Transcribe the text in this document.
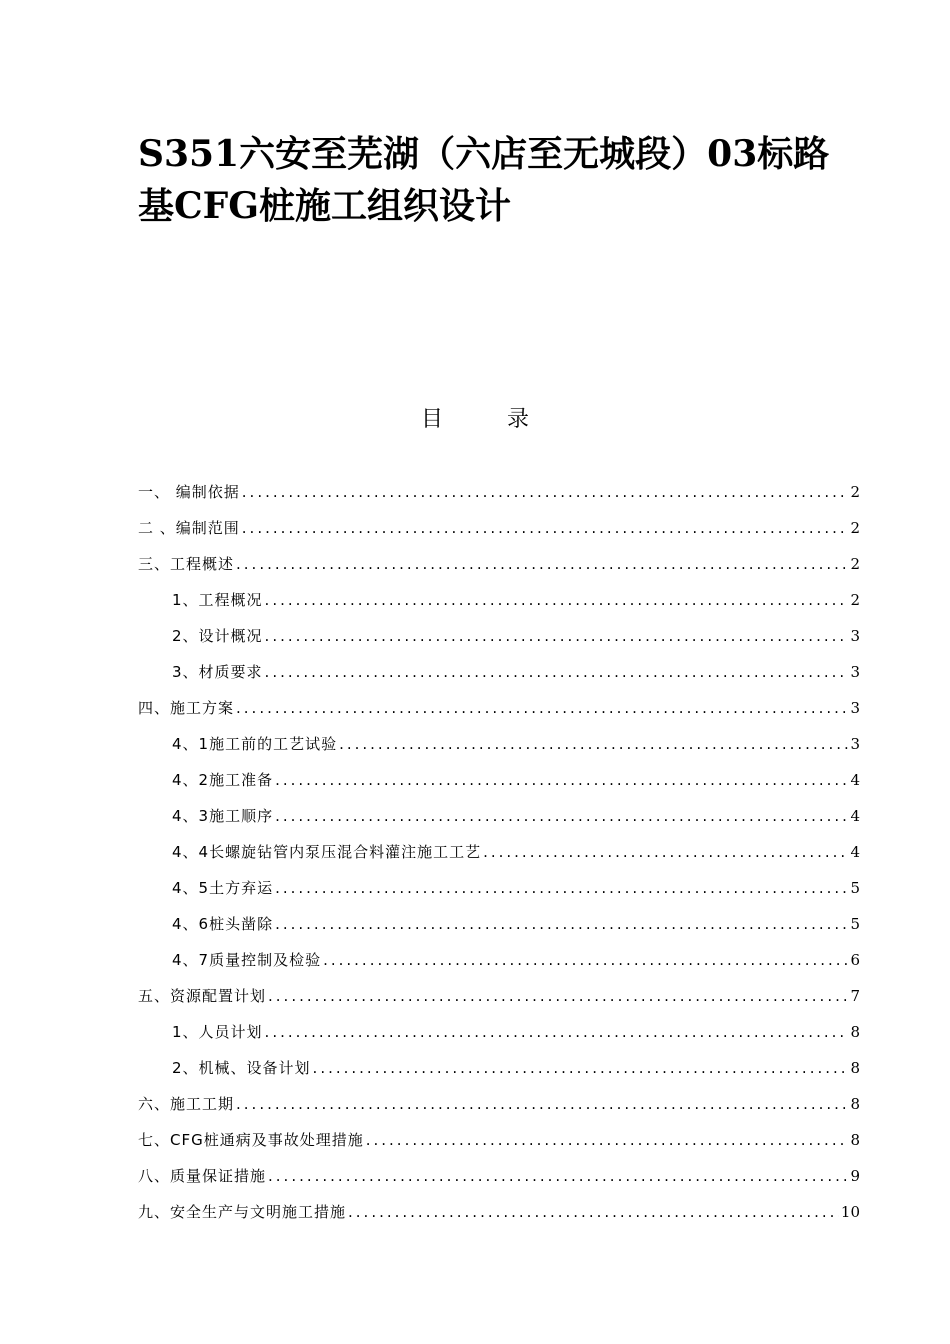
S351六安至芜湖（六店至无城段）03标路
基CFG桩施工组织设计
目	录
一、 编制依据 .....	2
二 、编制范围 .....	2
三、工程概述 .....	2
1、工程概况 .....	2
2、设计概况 .....	3
3、材质要求 .....	3
四、施工方案 .....	3
4、1施工前的工艺试验 .....	3
4、2施工准备 .....	4
4、3施工顺序 .....	4
4、4长螺旋钻管内泵压混合料灌注施工工艺 .....	4
4、5土方弃运 .....	5
4、6桩头凿除 .....	5
4、7质量控制及检验 .....	6
五、资源配置计划 .....	7
1、人员计划 .....	8
2、机械、设备计划 .....	8
六、施工工期 .....	8
七、CFG桩通病及事故处理措施 .....	8
八、质量保证措施 .....	9
九、安全生产与文明施工措施 .....	10
